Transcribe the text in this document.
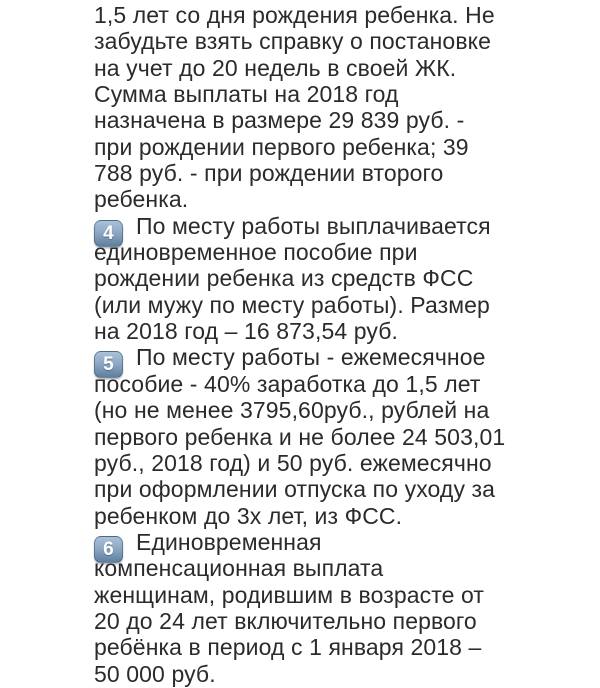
1,5 лет со дня рождения ребенка. Не
забудьте взять справку о постановке
на учет до 20 недель в своей ЖК.
Сумма выплаты на 2018 год
назначена в размере 29 839 руб. -
при рождении первого ребенка; 39
788 руб. - при рождении второго
ребенка.
4 По месту работы выплачивается
единовременное пособие при
рождении ребенка из средств ФСС
(или мужу по месту работы). Размер
на 2018 год – 16 873,54 руб.
5 По месту работы - ежемесячное
пособие - 40% заработка до 1,5 лет
(но не менее 3795,60руб., рублей на
первого ребенка и не более 24 503,01
руб., 2018 год) и 50 руб. ежемесячно
при оформлении отпуска по уходу за
ребенком до 3х лет, из ФСС.
6 Единовременная
компенсационная выплата
женщинам, родившим в возрасте от
20 до 24 лет включительно первого
ребёнка в период с 1 января 2018 –
50 000 руб.
